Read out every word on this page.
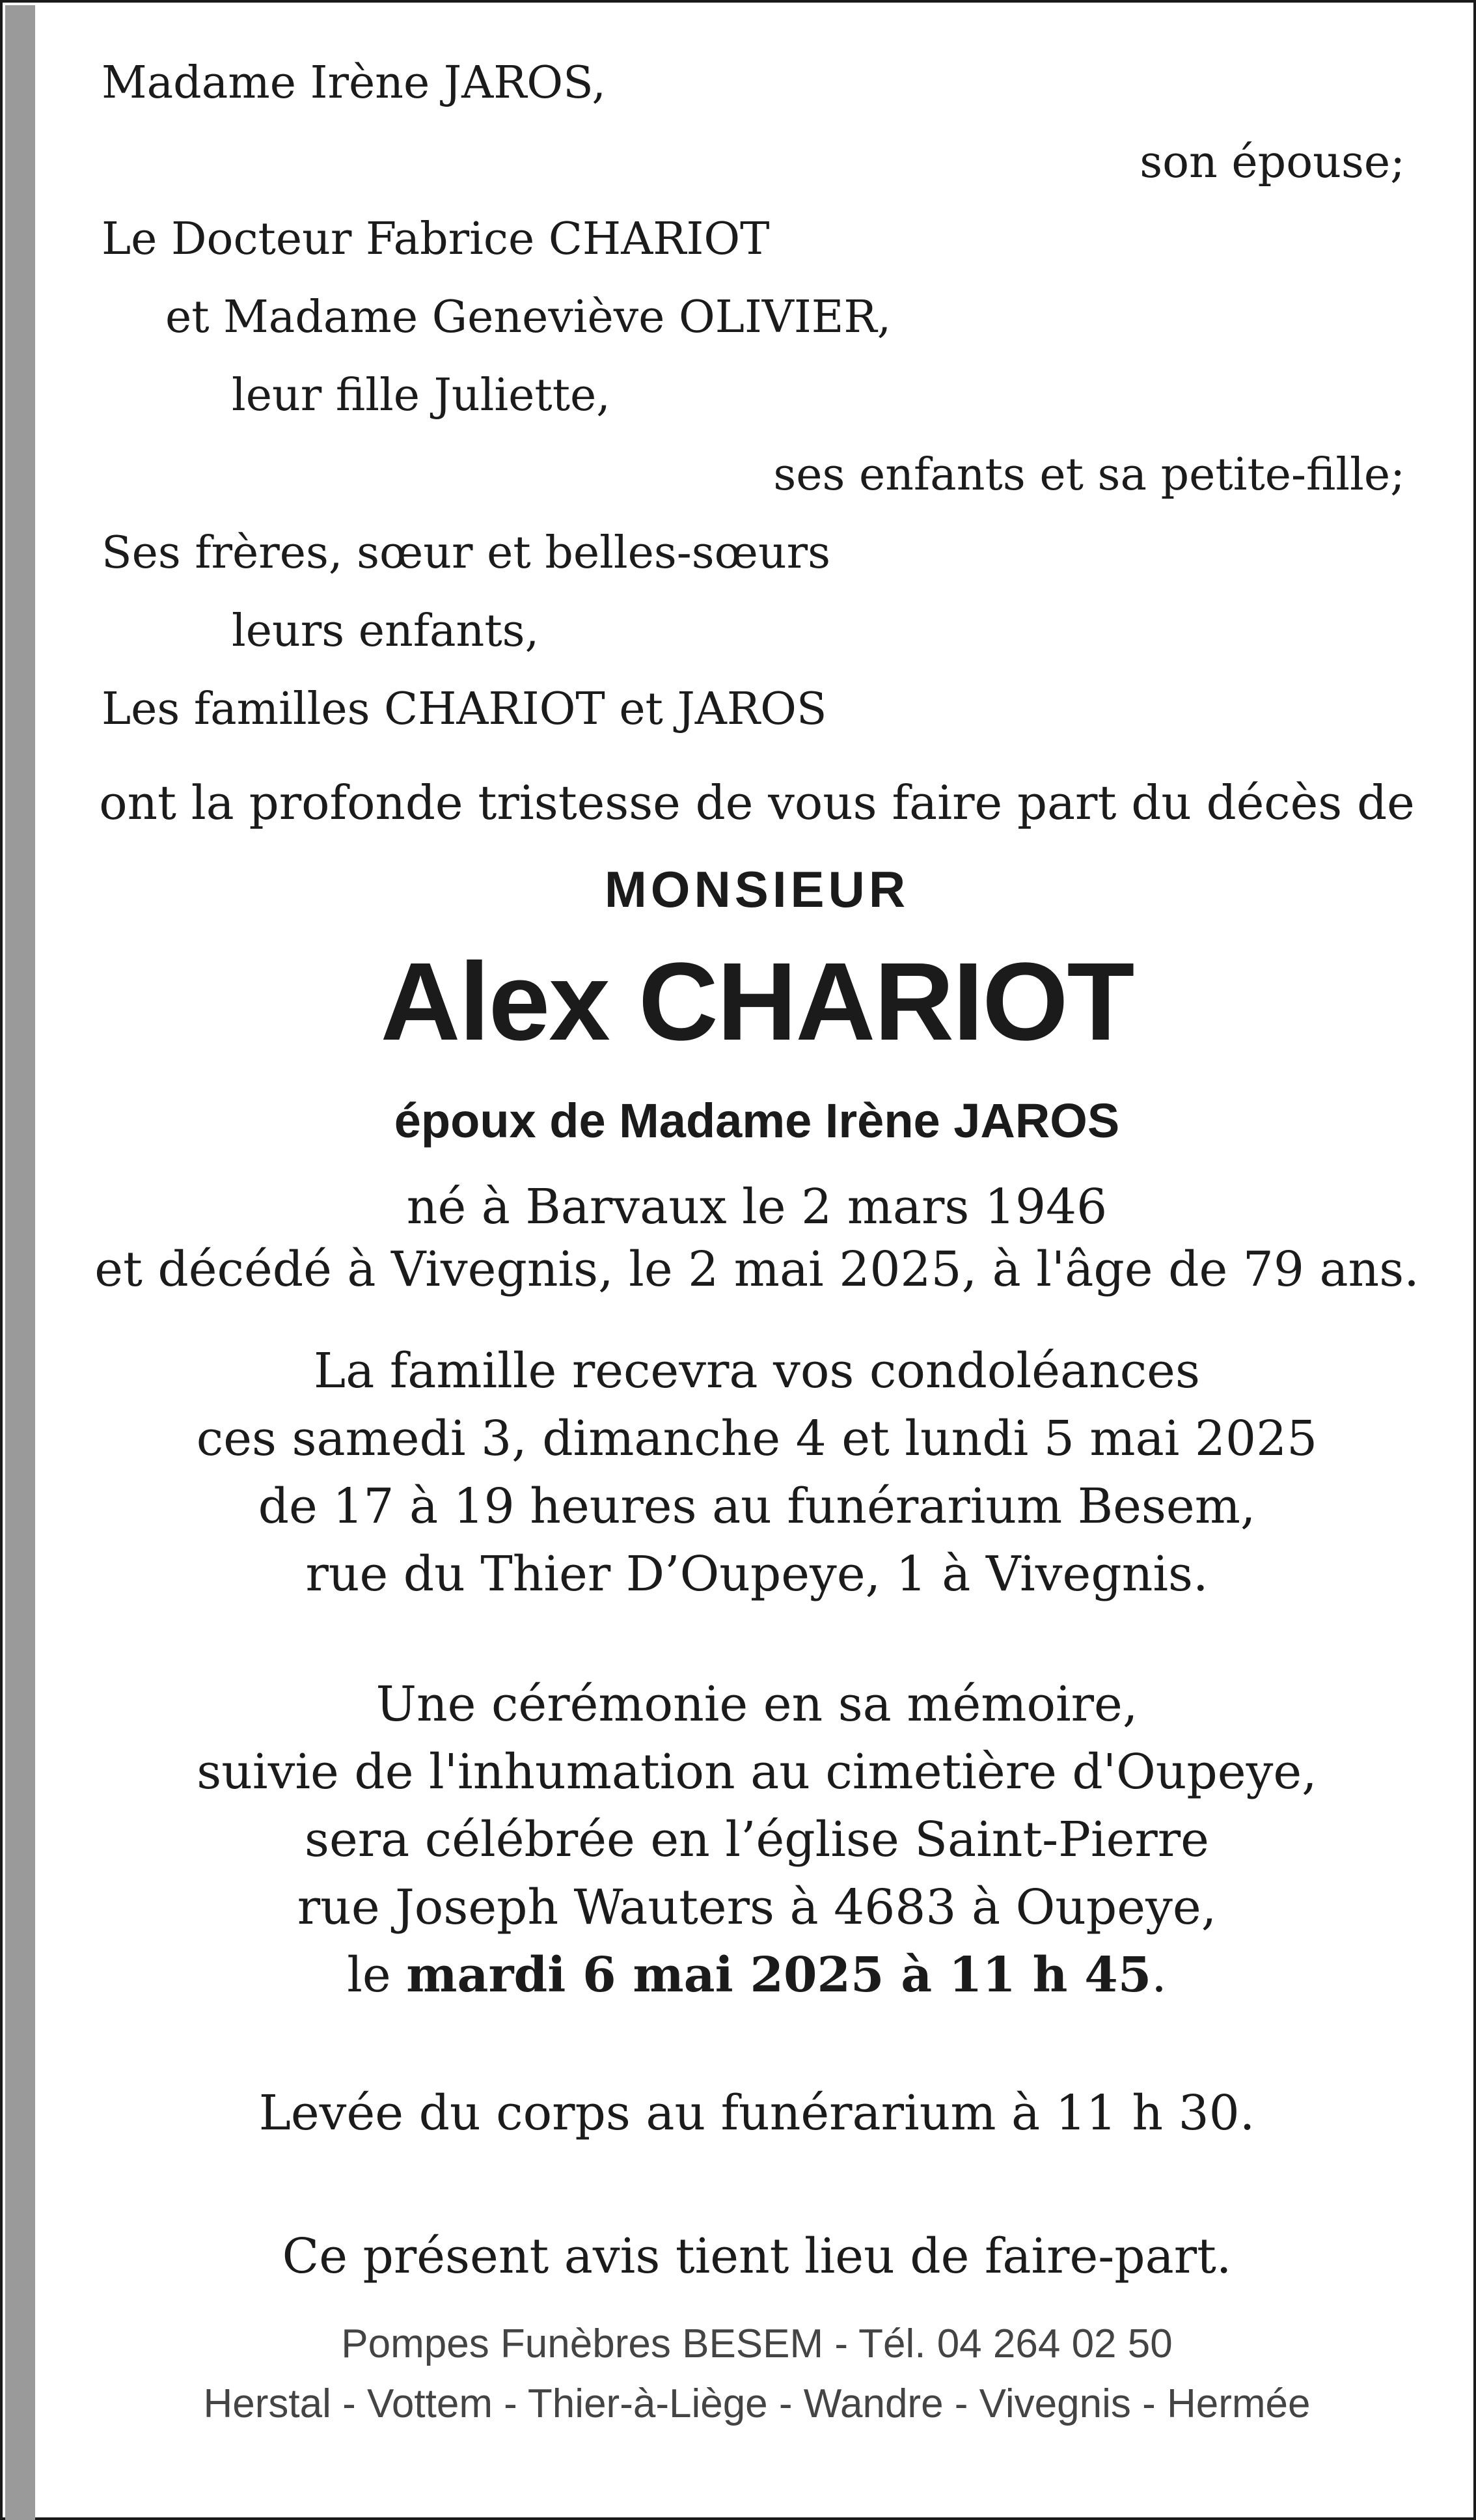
Madame Irène JAROS,
son épouse;
Le Docteur Fabrice CHARIOT
et Madame Geneviève OLIVIER,
leur fille Juliette,
ses enfants et sa petite-fille;
Ses frères, sœur et belles-sœurs
leurs enfants,
Les familles CHARIOT et JAROS
ont la profonde tristesse de vous faire part du décès de
MONSIEUR
Alex CHARIOT
époux de Madame Irène JAROS
né à Barvaux le 2 mars 1946
et décédé à Vivegnis, le 2 mai 2025, à l'âge de 79 ans.
La famille recevra vos condoléances
ces samedi 3, dimanche 4 et lundi 5 mai 2025
de 17 à 19 heures au funérarium Besem,
rue du Thier D’Oupeye, 1 à Vivegnis.
Une cérémonie en sa mémoire,
suivie de l'inhumation au cimetière d'Oupeye,
sera célébrée en l’église Saint-Pierre
rue Joseph Wauters à 4683 à Oupeye,
le mardi 6 mai 2025 à 11 h 45.
Levée du corps au funérarium à 11 h 30.
Ce présent avis tient lieu de faire-part.
Pompes Funèbres BESEM - Tél. 04 264 02 50
Herstal - Vottem - Thier-à-Liège - Wandre - Vivegnis - Hermée
